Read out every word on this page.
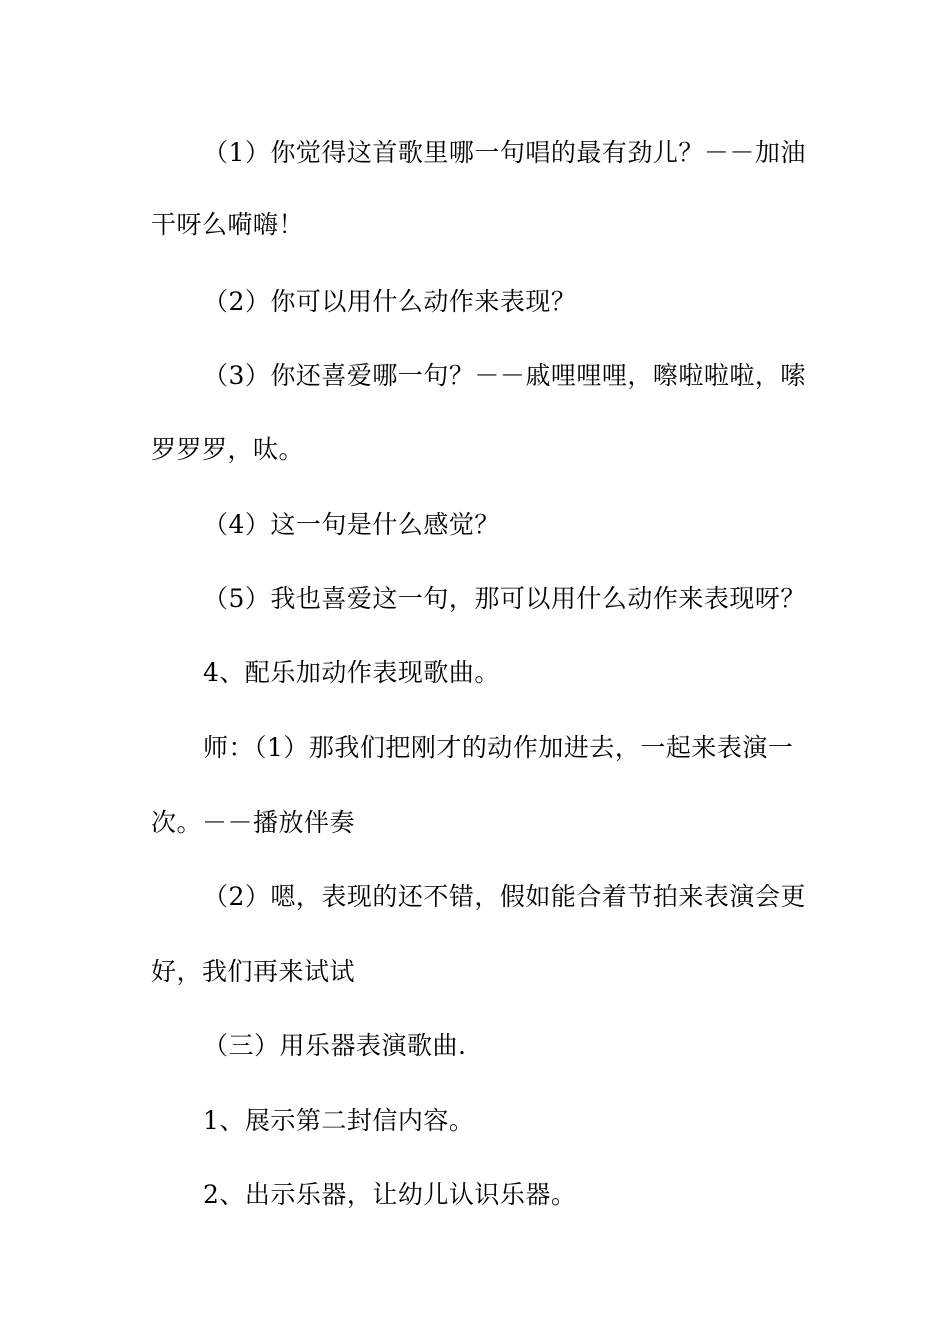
（1）你觉得这首歌里哪一句唱的最有劲儿？－－加油
干呀么嗬嗨！
（2）你可以用什么动作来表现？
（3）你还喜爱哪一句？－－戚哩哩哩，嚓啦啦啦，嗦
罗罗罗，呔。
（4）这一句是什么感觉？
（5）我也喜爱这一句，那可以用什么动作来表现呀？
4、配乐加动作表现歌曲。
师：（1）那我们把刚才的动作加进去，一起来表演一
次。－－播放伴奏
（2）嗯，表现的还不错，假如能合着节拍来表演会更
好，我们再来试试
（三）用乐器表演歌曲.
1、展示第二封信内容。
2、出示乐器，让幼儿认识乐器。
